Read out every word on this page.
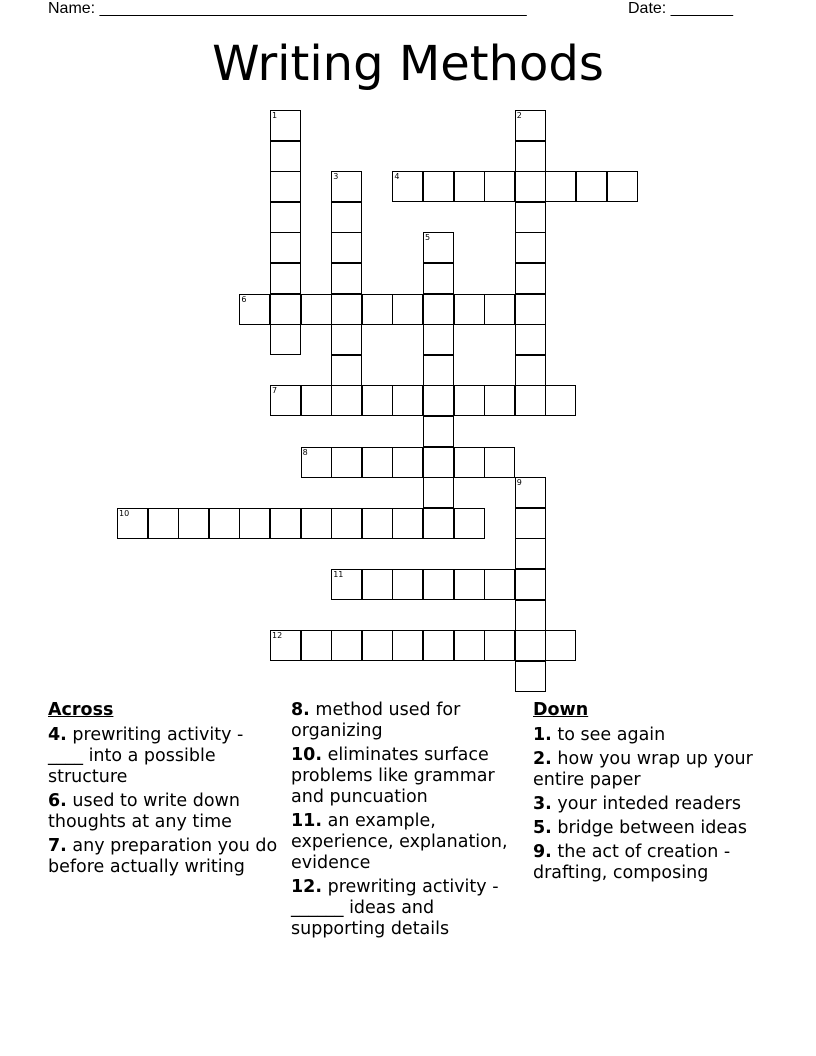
Name: ________________________________________________	Date: _______
Writing Methods
1	2
3	4
5
6
7
8
9
10
11
12
Across
4. prewriting activity - ____ into a possible structure
6. used to write down thoughts at any time
7. any preparation you do before actually writing
8. method used for organizing
10. eliminates surface problems like grammar and puncuation
11. an example, experience, explanation, evidence
12. prewriting activity - ______ ideas and supporting details
Down
1. to see again
2. how you wrap up your entire paper
3. your inteded readers
5. bridge between ideas
9. the act of creation - drafting, composing
